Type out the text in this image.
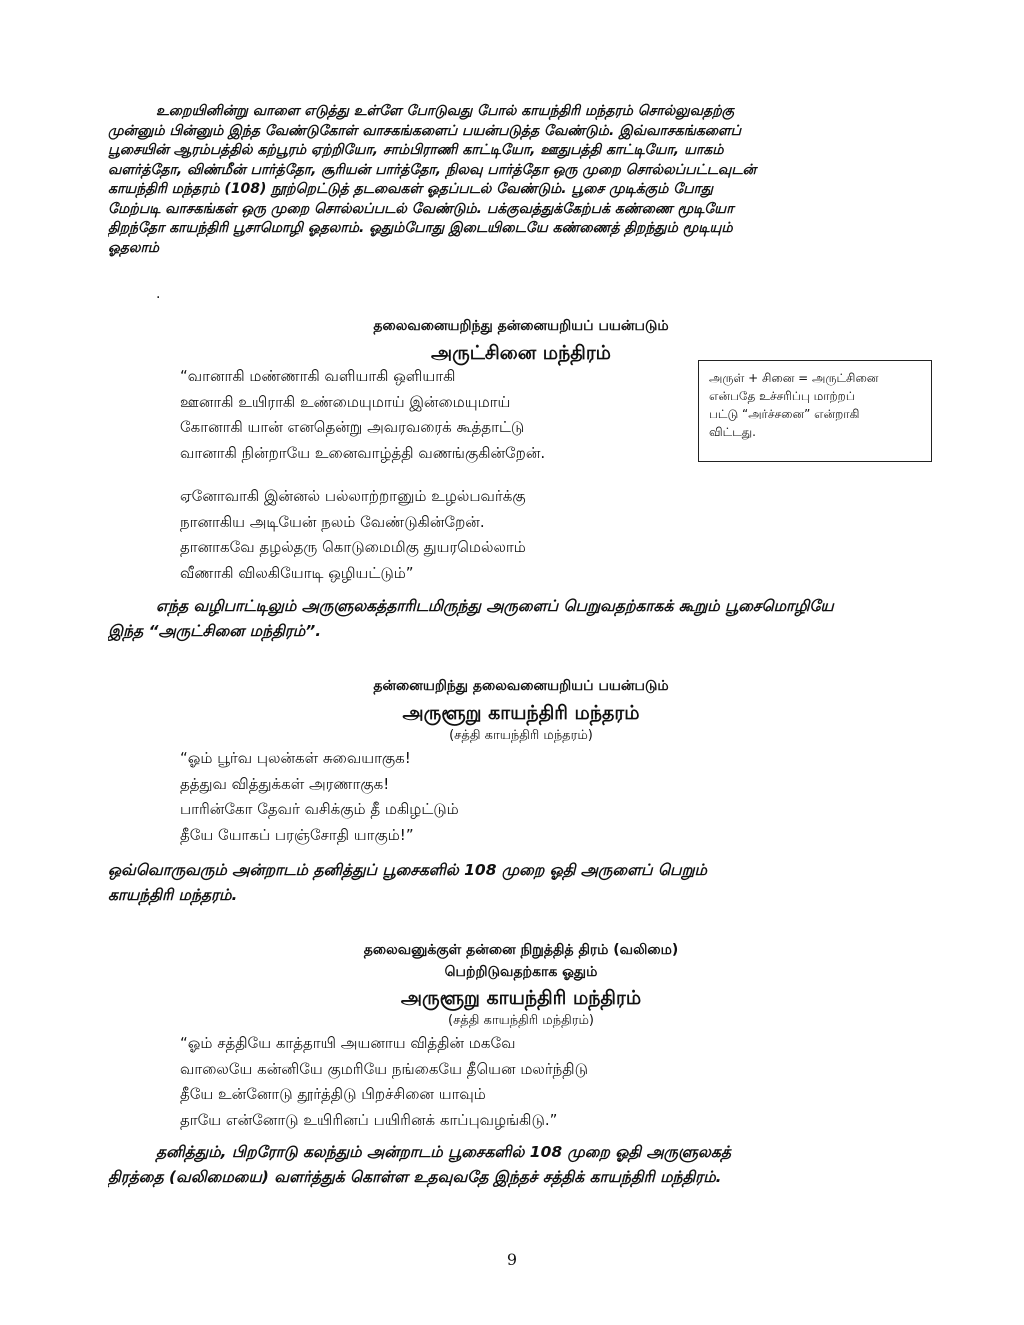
உறையினின்று வாளை எடுத்து உள்ளே போடுவது போல் காயந்திரி மந்தரம் சொல்லுவதற்கு
முன்னும் பின்னும் இந்த வேண்டுகோள் வாசகங்களைப் பயன்படுத்த வேண்டும். இவ்வாசகங்களைப்
பூசையின் ஆரம்பத்தில் கற்பூரம் ஏற்றியோ, சாம்பிராணி காட்டியோ, ஊதுபத்தி காட்டியோ, யாகம்
வளர்த்தோ, விண்மீன் பார்த்தோ, சூரியன் பார்த்தோ, நிலவு பார்த்தோ ஒரு முறை சொல்லப்பட்டவுடன்
காயந்திரி மந்தரம் (108) நூற்றெட்டுத் தடவைகள் ஓதப்படல் வேண்டும். பூசை முடிக்கும் போது
மேற்படி வாசகங்கள் ஒரு முறை சொல்லப்படல் வேண்டும். பக்குவத்துக்கேற்பக் கண்ணை மூடியோ
திறந்தோ காயந்திரி பூசாமொழி ஓதலாம். ஓதும்போது இடையிடையே கண்ணைத் திறந்தும் மூடியும்
ஓதலாம்
.
தலைவனையறிந்து தன்னையறியப் பயன்படும்
அருட்சினை மந்திரம்
“வானாகி மண்ணாகி வளியாகி ஒளியாகி
ஊனாகி உயிராகி உண்மையுமாய் இன்மையுமாய்
கோனாகி யான் எனதென்று அவரவரைக் கூத்தாட்டு
வானாகி நின்றாயே உனைவாழ்த்தி வணங்குகின்றேன்.
அருள் + சினை = அருட்சினை
என்பதே உச்சரிப்பு மாற்றப்
பட்டு “அர்ச்சனை” என்றாகி
விட்டது.
ஏனோவாகி இன்னல் பல்லாற்றானும் உழல்பவர்க்கு
நானாகிய அடியேன் நலம் வேண்டுகின்றேன்.
தானாகவே தழல்தரு கொடுமைமிகு துயரமெல்லாம்
வீணாகி விலகியோடி ஒழியட்டும்”
எந்த வழிபாட்டிலும் அருளுலகத்தாரிடமிருந்து அருளைப் பெறுவதற்காகக் கூறும் பூசைமொழியே
இந்த “அருட்சினை மந்திரம்”.
தன்னையறிந்து தலைவனையறியப் பயன்படும்
அருளூறு காயந்திரி மந்தரம்
(சத்தி காயந்திரி மந்தரம்)
“ஓம் பூர்வ புலன்கள் சுவையாகுக!
தத்துவ வித்துக்கள் அரணாகுக!
பாரின்கோ தேவர் வசிக்கும் தீ மகிழட்டும்
தீயே யோகப் பரஞ்சோதி யாகும்!”
ஒவ்வொருவரும் அன்றாடம் தனித்துப் பூசைகளில் 108 முறை ஓதி அருளைப் பெறும்
காயந்திரி மந்தரம்.
தலைவனுக்குள் தன்னை நிறுத்தித் திரம் (வலிமை)
பெற்றிடுவதற்காக ஓதும்
அருளூறு காயந்திரி மந்திரம்
(சத்தி காயந்திரி மந்திரம்)
“ஓம் சத்தியே காத்தாயி அயனாய வித்தின் மகவே
வாலையே கன்னியே குமரியே நங்கையே தீயென மலர்ந்திடு
தீயே உன்னோடு தூர்த்திடு பிறச்சினை யாவும்
தாயே என்னோடு உயிரினப் பயிரினக் காப்புவழங்கிடு.”
தனித்தும், பிறரோடு கலந்தும் அன்றாடம் பூசைகளில் 108 முறை ஓதி அருளுலகத்
திரத்தை (வலிமையை) வளர்த்துக் கொள்ள உதவுவதே இந்தச் சத்திக் காயந்திரி மந்திரம்.
9
